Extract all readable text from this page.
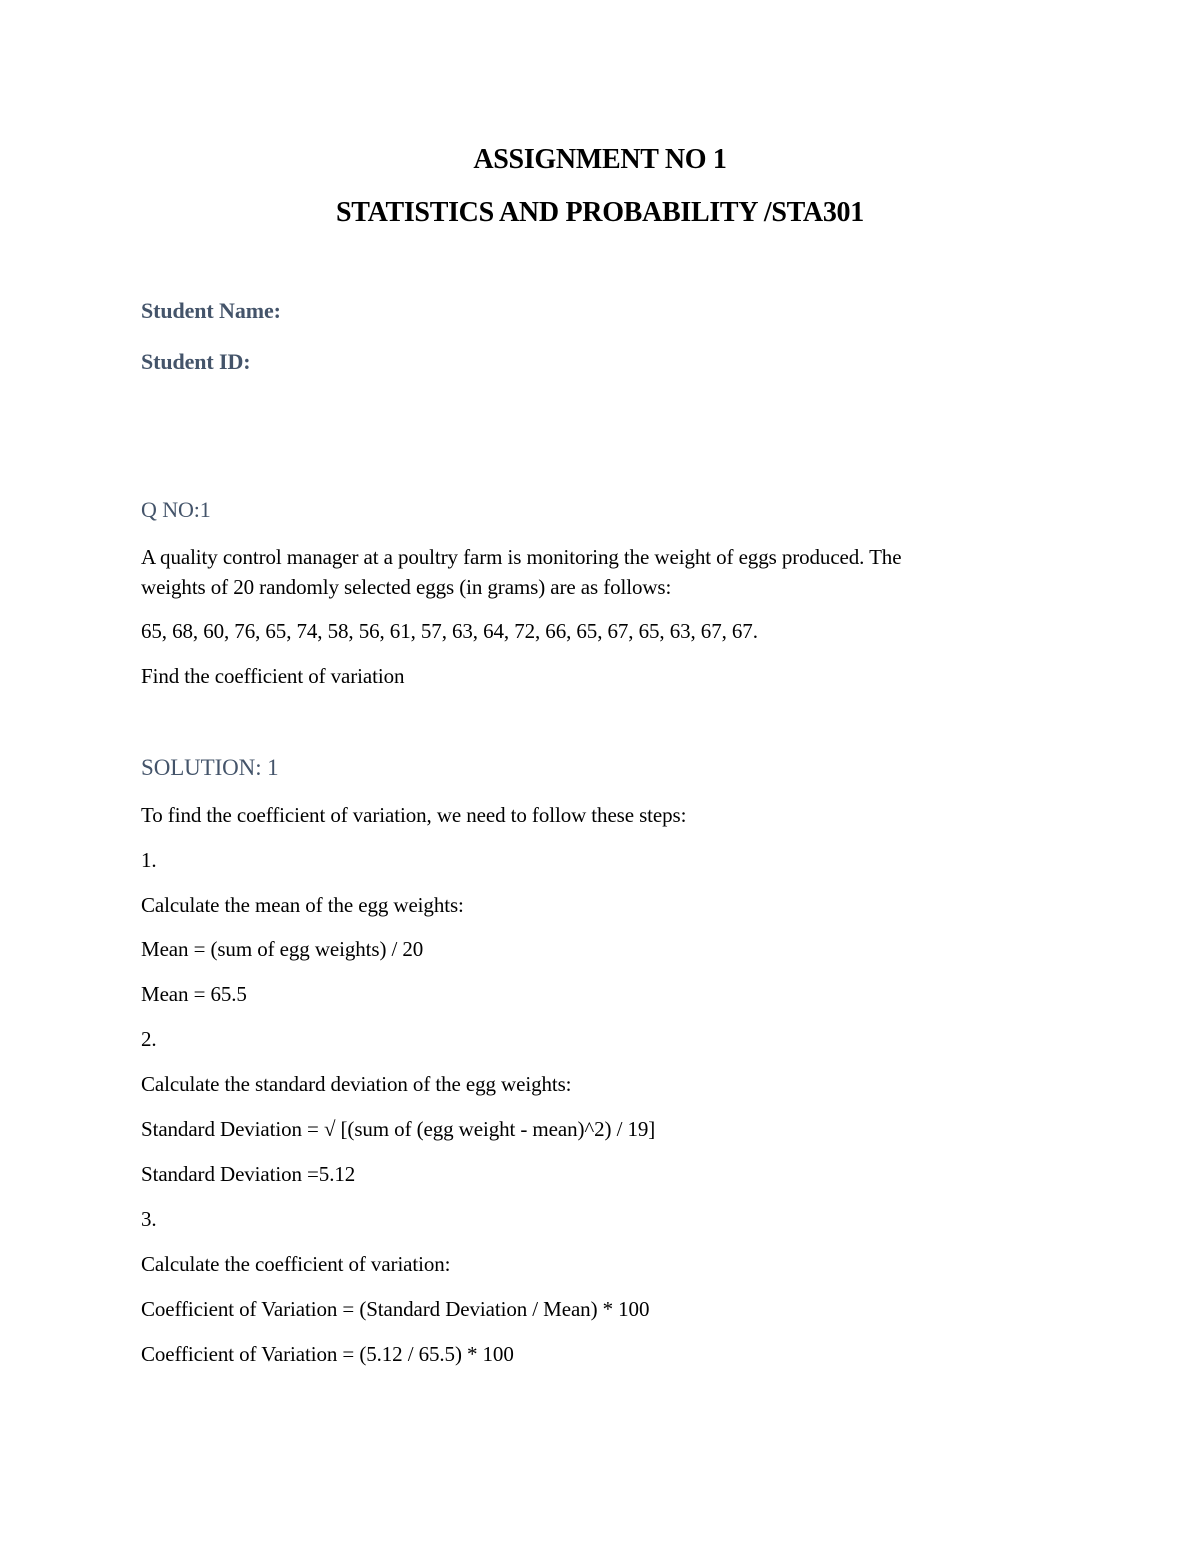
ASSIGNMENT NO 1
STATISTICS AND PROBABILITY /STA301
Student Name:
Student ID:
Q NO:1
A quality control manager at a poultry farm is monitoring the weight of eggs produced. The
weights of 20 randomly selected eggs (in grams) are as follows:
65, 68, 60, 76, 65, 74, 58, 56, 61, 57, 63, 64, 72, 66, 65, 67, 65, 63, 67, 67.
Find the coefficient of variation
SOLUTION: 1
To find the coefficient of variation, we need to follow these steps:
1.
Calculate the mean of the egg weights:
Mean = (sum of egg weights) / 20
Mean = 65.5
2.
Calculate the standard deviation of the egg weights:
Standard Deviation = √ [(sum of (egg weight - mean)^2) / 19]
Standard Deviation =5.12
3.
Calculate the coefficient of variation:
Coefficient of Variation = (Standard Deviation / Mean) * 100
Coefficient of Variation = (5.12 / 65.5) * 100
